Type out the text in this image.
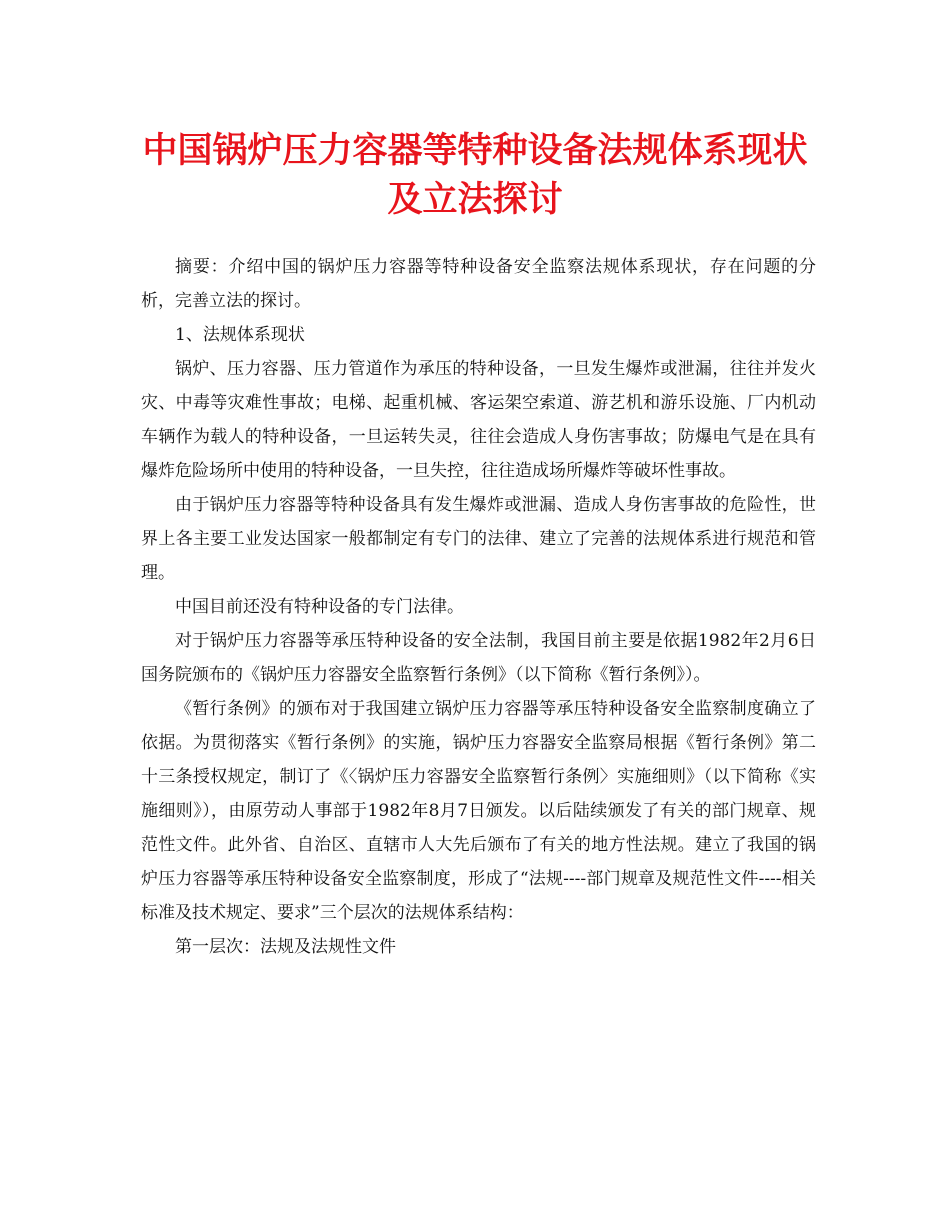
中国锅炉压力容器等特种设备法规体系现状
及立法探讨

摘要：介绍中国的锅炉压力容器等特种设备安全监察法规体系现状，存在问题的分析，完善立法的探讨。

1、法规体系现状

锅炉、压力容器、压力管道作为承压的特种设备，一旦发生爆炸或泄漏，往往并发火灾、中毒等灾难性事故；电梯、起重机械、客运架空索道、游艺机和游乐设施、厂内机动车辆作为载人的特种设备，一旦运转失灵，往往会造成人身伤害事故；防爆电气是在具有爆炸危险场所中使用的特种设备，一旦失控，往往造成场所爆炸等破坏性事故。

由于锅炉压力容器等特种设备具有发生爆炸或泄漏、造成人身伤害事故的危险性，世界上各主要工业发达国家一般都制定有专门的法律、建立了完善的法规体系进行规范和管理。

中国目前还没有特种设备的专门法律。

对于锅炉压力容器等承压特种设备的安全法制，我国目前主要是依据1982年2月6日国务院颁布的《锅炉压力容器安全监察暂行条例》（以下简称《暂行条例》）。

《暂行条例》的颁布对于我国建立锅炉压力容器等承压特种设备安全监察制度确立了依据。为贯彻落实《暂行条例》的实施，锅炉压力容器安全监察局根据《暂行条例》第二十三条授权规定，制订了《〈锅炉压力容器安全监察暂行条例〉实施细则》（以下简称《实施细则》），由原劳动人事部于1982年8月7日颁发。以后陆续颁发了有关的部门规章、规范性文件。此外省、自治区、直辖市人大先后颁布了有关的地方性法规。建立了我国的锅炉压力容器等承压特种设备安全监察制度，形成了“法规----部门规章及规范性文件----相关标准及技术规定、要求”三个层次的法规体系结构：

第一层次：法规及法规性文件
